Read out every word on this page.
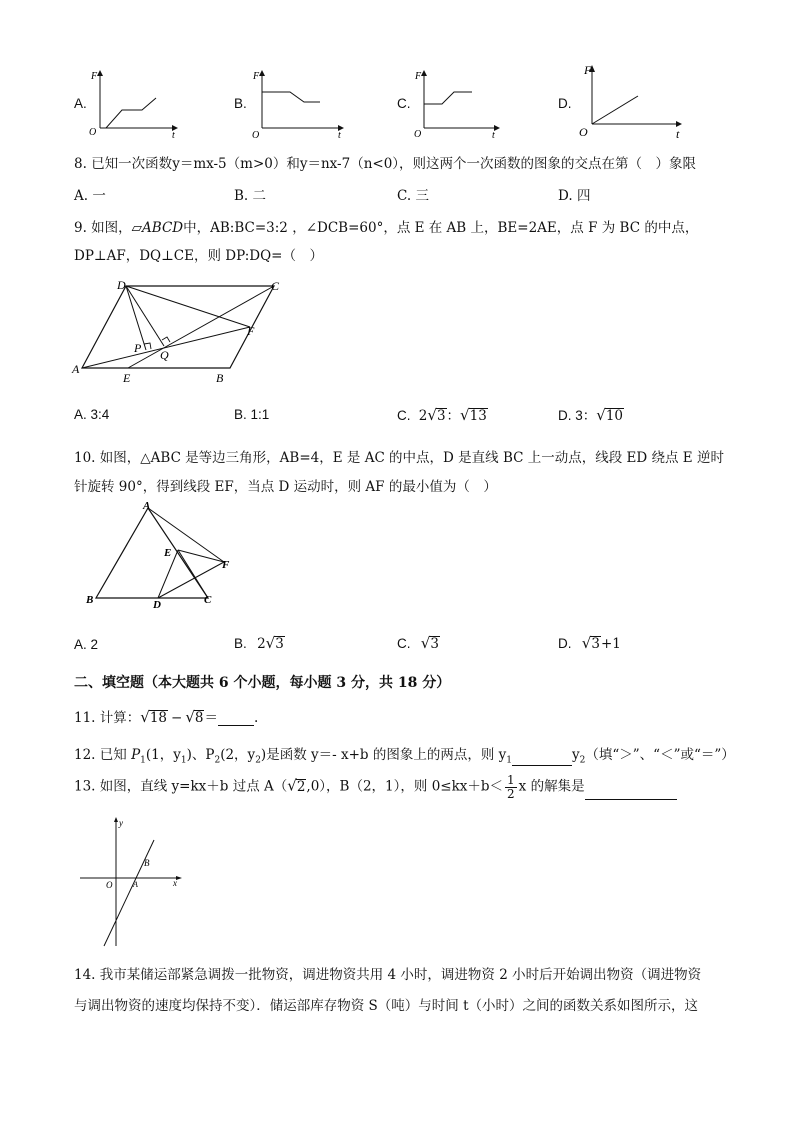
A.
O
F
t
B.
O
F
t
C.
O
F
t
D.
O
F
t
8. 已知一次函数y＝mx-5（m>0）和y＝nx-7（n<0），则这两个一次函数的图象的交点在第（　）象限
A. 一	B. 二	C. 三	D. 四
9. 如图，▱ABCD中，AB:BC=3:2 ，∠DCB=60°，点 E 在 AB 上，BE=2AE，点 F 为 BC 的中点，
DP⊥AF，DQ⊥CE，则 DP:DQ=（　）
D	C
A
E	B
F
P Q
A. 3:4	B. 1:1	C. 2√3：√13	D. 3：√10
10. 如图，△ABC 是等边三角形，AB=4，E 是 AC 的中点，D 是直线 BC 上一动点，线段 ED 绕点 E 逆时
针旋转 90°，得到线段 EF，当点 D 运动时，则 AF 的最小值为（　）
A
B	C
D
E
F
A. 2	B. 2√3	C. √3	D. √3+1
二、填空题（本大题共 6 个小题，每小题 3 分，共 18 分）
11. 计算：√18 − √8＝	.
12. 已知 $P_1(1$，$y_1$)、$P_2(2$，$y_2$)是函数 y＝- x+b 的图象上的两点，则 $y_1$	$y_2$（填“＞”、“＜”或“＝”）
13. 如图，直线 y=kx＋b 过点 A（√2,0），B（2，1），则 $0\le kx+b< \frac{1}{2}$ x 的解集是
y
x
O	A
B
14. 我市某储运部紧急调拨一批物资，调进物资共用 4 小时，调进物资 2 小时后开始调出物资（调进物资
与调出物资的速度均保持不变）．储运部库存物资 S（吨）与时间 t（小时）之间的函数关系如图所示，这
